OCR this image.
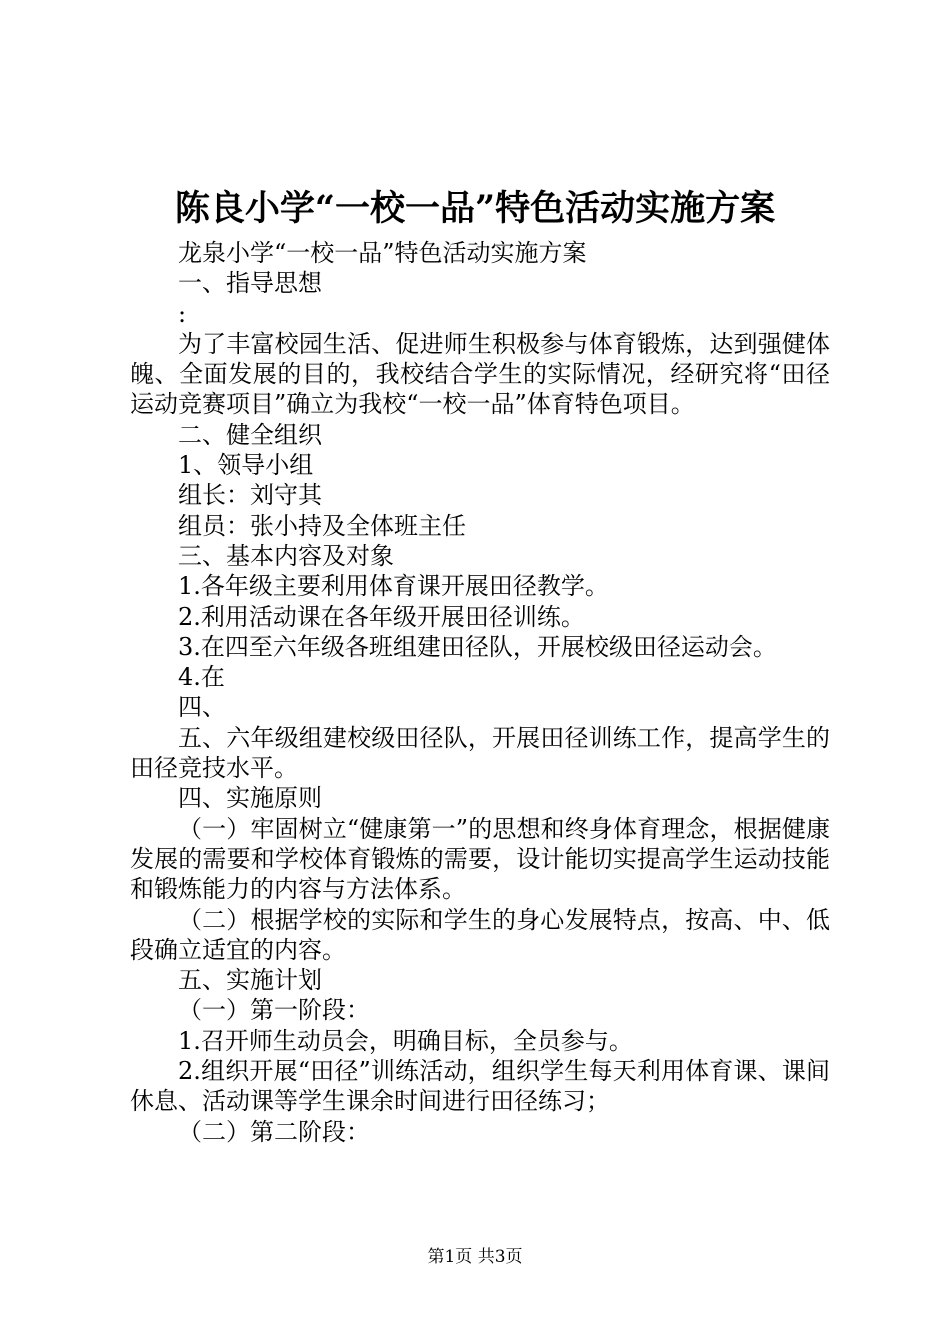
陈良小学“一校一品”特色活动实施方案

龙泉小学“一校一品”特色活动实施方案

一、指导思想

:

为了丰富校园生活、促进师生积极参与体育锻炼，达到强健体魄、全面发展的目的，我校结合学生的实际情况，经研究将“田径运动竞赛项目”确立为我校“一校一品”体育特色项目。

二、健全组织

1、领导小组

组长：刘守其

组员：张小持及全体班主任

三、基本内容及对象

1.各年级主要利用体育课开展田径教学。

2.利用活动课在各年级开展田径训练。

3.在四至六年级各班组建田径队，开展校级田径运动会。

4.在

四、

五、六年级组建校级田径队，开展田径训练工作，提高学生的田径竞技水平。

四、实施原则

（一）牢固树立“健康第一”的思想和终身体育理念，根据健康发展的需要和学校体育锻炼的需要，设计能切实提高学生运动技能和锻炼能力的内容与方法体系。

（二）根据学校的实际和学生的身心发展特点，按高、中、低段确立适宜的内容。

五、实施计划

（一）第一阶段：

1.召开师生动员会，明确目标，全员参与。

2.组织开展“田径”训练活动，组织学生每天利用体育课、课间休息、活动课等学生课余时间进行田径练习；

（二）第二阶段：

第1页 共3页
